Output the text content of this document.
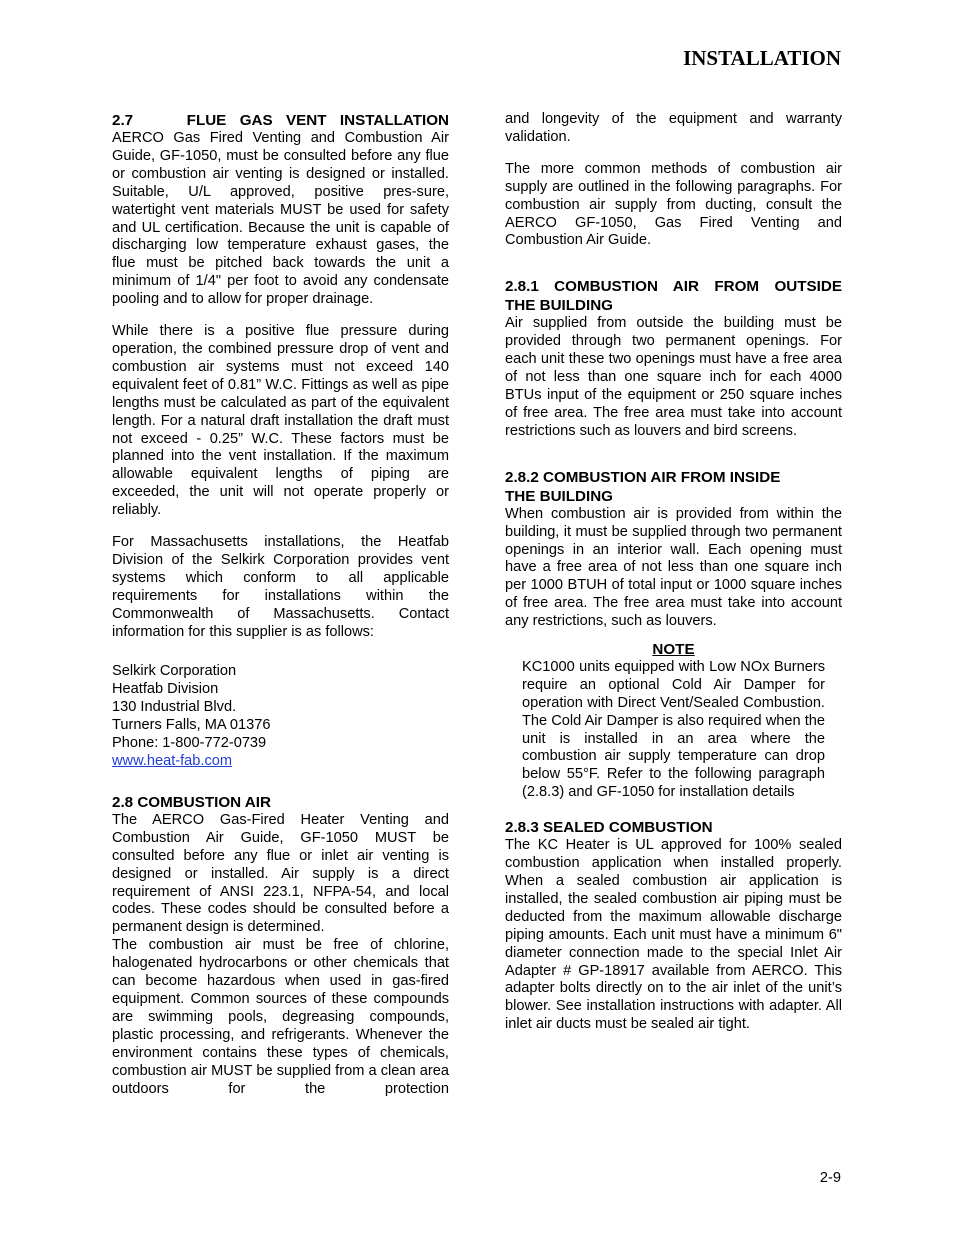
INSTALLATION
2.7    FLUE GAS VENT INSTALLATION

AERCO Gas Fired Venting and Combustion Air Guide, GF-1050, must be consulted before any flue or combustion air venting is designed or installed. Suitable, U/L approved, positive pres-sure, watertight vent materials MUST be used for safety and UL certification. Because the unit is capable of discharging low temperature exhaust gases, the flue must be pitched back towards the unit a minimum of 1/4" per foot to avoid any condensate pooling and to allow for proper drainage.

While there is a positive flue pressure during operation, the combined pressure drop of vent and combustion air systems must not exceed 140 equivalent feet of 0.81” W.C. Fittings as well as pipe lengths must be calculated as part of the equivalent length. For a natural draft installation the draft must not exceed - 0.25” W.C. These factors must be planned into the vent installation. If the maximum allowable equivalent lengths of piping are exceeded, the unit will not operate properly or reliably.

For Massachusetts installations, the Heatfab Division of the Selkirk Corporation provides vent systems which conform to all applicable requirements for installations within the Commonwealth of Massachusetts. Contact information for this supplier is as follows:

Selkirk Corporation

Heatfab Division

130 Industrial Blvd.

Turners Falls, MA 01376

Phone: 1-800-772-0739

www.heat-fab.com

2.8 COMBUSTION AIR

The AERCO Gas-Fired Heater Venting and Combustion Air Guide, GF-1050 MUST be consulted before any flue or inlet air venting is designed or installed. Air supply is a direct requirement of ANSI 223.1, NFPA-54, and local codes. These codes should be consulted before a permanent design is determined.

The combustion air must be free of chlorine, halogenated hydrocarbons or other chemicals that can become hazardous when used in gas-fired equipment. Common sources of these compounds are swimming pools, degreasing compounds, plastic processing, and refrigerants. Whenever the environment contains these types of chemicals, combustion air MUST be supplied from a clean area outdoors for the protection

and longevity of the equipment and warranty validation.

The more common methods of combustion air supply are outlined in the following paragraphs. For combustion air supply from ducting, consult the AERCO GF-1050, Gas Fired Venting and Combustion Air Guide.

2.8.1 COMBUSTION AIR FROM OUTSIDE
THE BUILDING

Air supplied from outside the building must be provided through two permanent openings. For each unit these two openings must have a free area of not less than one square inch for each 4000 BTUs input of the equipment or 250 square inches of free area. The free area must take into account restrictions such as louvers and bird screens.

2.8.2 COMBUSTION AIR FROM INSIDE
THE BUILDING

When combustion air is provided from within the building, it must be supplied through two permanent openings in an interior wall. Each opening must have a free area of not less than one square inch per 1000 BTUH of total input or 1000 square inches of free area. The free area must take into account any restrictions, such as louvers.

NOTE

KC1000 units equipped with Low NOx Burners require an optional Cold Air Damper for operation with Direct Vent/Sealed Combustion. The Cold Air Damper is also required when the unit is installed in an area where the combustion air supply temperature can drop below 55°F. Refer to the following paragraph (2.8.3) and GF-1050 for installation details

2.8.3 SEALED COMBUSTION

The KC Heater is UL approved for 100% sealed combustion application when installed properly. When a sealed combustion air application is installed, the sealed combustion air piping must be deducted from the maximum allowable discharge piping amounts. Each unit must have a minimum 6" diameter connection made to the special Inlet Air Adapter # GP-18917 available from AERCO. This adapter bolts directly on to the air inlet of the unit’s blower. See installation instructions with adapter. All inlet air ducts must be sealed air tight.

2-9
